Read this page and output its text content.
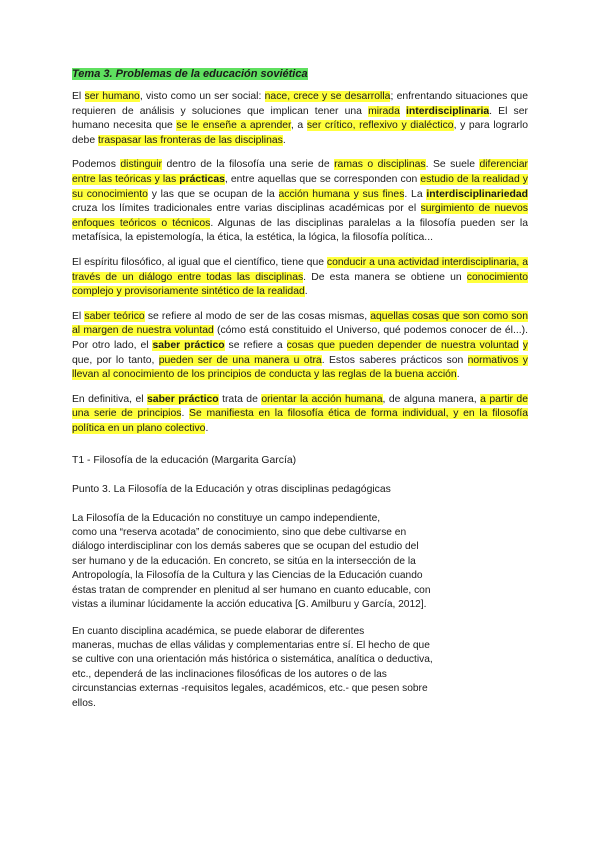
Tema 3. Problemas de la educación soviética

El ser humano, visto como un ser social: nace, crece y se desarrolla; enfrentando situaciones que requieren de análisis y soluciones que implican tener una mirada interdisciplinaria. El ser humano necesita que se le enseñe a aprender, a ser crítico, reflexivo y dialéctico, y para lograrlo debe traspasar las fronteras de las disciplinas.

Podemos distinguir dentro de la filosofía una serie de ramas o disciplinas. Se suele diferenciar entre las teóricas y las prácticas, entre aquellas que se corresponden con estudio de la realidad y su conocimiento y las que se ocupan de la acción humana y sus fines. La interdisciplinariedad cruza los límites tradicionales entre varias disciplinas académicas por el surgimiento de nuevos enfoques teóricos o técnicos. Algunas de las disciplinas paralelas a la filosofía pueden ser la metafísica, la epistemología, la ética, la estética, la lógica, la filosofía política...

El espíritu filosófico, al igual que el científico, tiene que conducir a una actividad interdisciplinaria, a través de un diálogo entre todas las disciplinas. De esta manera se obtiene un conocimiento complejo y provisoriamente sintético de la realidad.

El saber teórico se refiere al modo de ser de las cosas mismas, aquellas cosas que son como son al margen de nuestra voluntad (cómo está constituido el Universo, qué podemos conocer de él...). Por otro lado, el saber práctico se refiere a cosas que pueden depender de nuestra voluntad y que, por lo tanto, pueden ser de una manera u otra. Estos saberes prácticos son normativos y llevan al conocimiento de los principios de conducta y las reglas de la buena acción.

En definitiva, el saber práctico trata de orientar la acción humana, de alguna manera, a partir de una serie de principios. Se manifiesta en la filosofía ética de forma individual, y en la filosofía política en un plano colectivo.

T1 - Filosofía de la educación (Margarita García)

Punto 3. La Filosofía de la Educación y otras disciplinas pedagógicas

La Filosofía de la Educación no constituye un campo independiente,
como una “reserva acotada” de conocimiento, sino que debe cultivarse en
diálogo interdisciplinar con los demás saberes que se ocupan del estudio del
ser humano y de la educación. En concreto, se sitúa en la intersección de la
Antropología, la Filosofía de la Cultura y las Ciencias de la Educación cuando
éstas tratan de comprender en plenitud al ser humano en cuanto educable, con
vistas a iluminar lúcidamente la acción educativa [G. Amilburu y García, 2012].

En cuanto disciplina académica, se puede elaborar de diferentes
maneras, muchas de ellas válidas y complementarias entre sí. El hecho de que
se cultive con una orientación más histórica o sistemática, analítica o deductiva,
etc., dependerá de las inclinaciones filosóficas de los autores o de las
circunstancias externas -requisitos legales, académicos, etc.- que pesen sobre
ellos.
